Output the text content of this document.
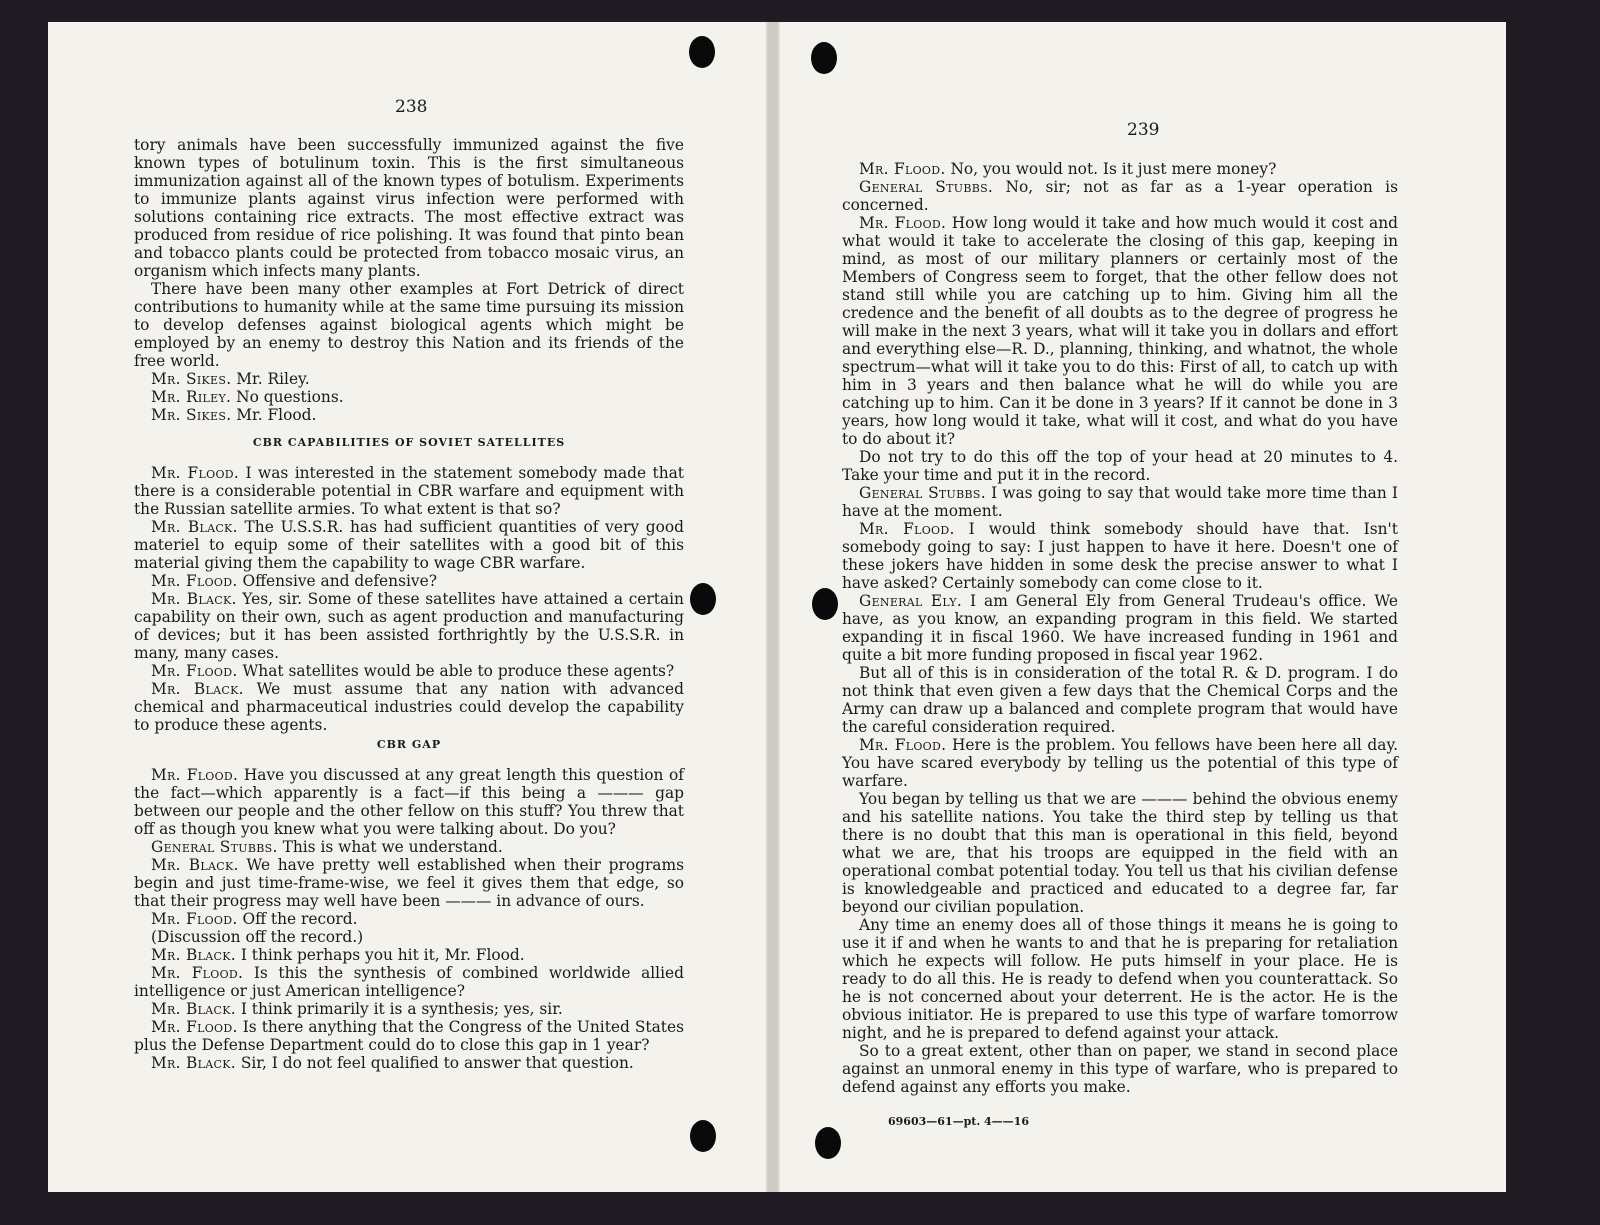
238

tory animals have been successfully immunized against the five known types of botulinum toxin. This is the first simultaneous immunization against all of the known types of botulism. Experiments to immunize plants against virus infection were performed with solutions containing rice extracts. The most effective extract was produced from residue of rice polishing. It was found that pinto bean and tobacco plants could be protected from tobacco mosaic virus, an organism which infects many plants.

There have been many other examples at Fort Detrick of direct contributions to humanity while at the same time pursuing its mission to develop defenses against biological agents which might be employed by an enemy to destroy this Nation and its friends of the free world.

Mr. Sikes. Mr. Riley.

Mr. Riley. No questions.

Mr. Sikes. Mr. Flood.

CBR CAPABILITIES OF SOVIET SATELLITES

Mr. Flood. I was interested in the statement somebody made that there is a considerable potential in CBR warfare and equipment with the Russian satellite armies. To what extent is that so?

Mr. Black. The U.S.S.R. has had sufficient quantities of very good materiel to equip some of their satellites with a good bit of this material giving them the capability to wage CBR warfare.

Mr. Flood. Offensive and defensive?

Mr. Black. Yes, sir. Some of these satellites have attained a certain capability on their own, such as agent production and manufacturing of devices; but it has been assisted forthrightly by the U.S.S.R. in many, many cases.

Mr. Flood. What satellites would be able to produce these agents?

Mr. Black. We must assume that any nation with advanced chemical and pharmaceutical industries could develop the capability to produce these agents.

CBR GAP

Mr. Flood. Have you discussed at any great length this question of the fact—which apparently is a fact—if this being a ——— gap between our people and the other fellow on this stuff? You threw that off as though you knew what you were talking about. Do you?

General Stubbs. This is what we understand.

Mr. Black. We have pretty well established when their programs begin and just time-frame-wise, we feel it gives them that edge, so that their progress may well have been ——— in advance of ours.

Mr. Flood. Off the record.

(Discussion off the record.)

Mr. Black. I think perhaps you hit it, Mr. Flood.

Mr. Flood. Is this the synthesis of combined worldwide allied intelligence or just American intelligence?

Mr. Black. I think primarily it is a synthesis; yes, sir.

Mr. Flood. Is there anything that the Congress of the United States plus the Defense Department could do to close this gap in 1 year?

Mr. Black. Sir, I do not feel qualified to answer that question.

239

Mr. Flood. No, you would not. Is it just mere money?

General Stubbs. No, sir; not as far as a 1-year operation is concerned.

Mr. Flood. How long would it take and how much would it cost and what would it take to accelerate the closing of this gap, keeping in mind, as most of our military planners or certainly most of the Members of Congress seem to forget, that the other fellow does not stand still while you are catching up to him. Giving him all the credence and the benefit of all doubts as to the degree of progress he will make in the next 3 years, what will it take you in dollars and effort and everything else—R. D., planning, thinking, and whatnot, the whole spectrum—what will it take you to do this: First of all, to catch up with him in 3 years and then balance what he will do while you are catching up to him. Can it be done in 3 years? If it cannot be done in 3 years, how long would it take, what will it cost, and what do you have to do about it?

Do not try to do this off the top of your head at 20 minutes to 4. Take your time and put it in the record.

General Stubbs. I was going to say that would take more time than I have at the moment.

Mr. Flood. I would think somebody should have that. Isn't somebody going to say: I just happen to have it here. Doesn't one of these jokers have hidden in some desk the precise answer to what I have asked? Certainly somebody can come close to it.

General Ely. I am General Ely from General Trudeau's office. We have, as you know, an expanding program in this field. We started expanding it in fiscal 1960. We have increased funding in 1961 and quite a bit more funding proposed in fiscal year 1962.

But all of this is in consideration of the total R. & D. program. I do not think that even given a few days that the Chemical Corps and the Army can draw up a balanced and complete program that would have the careful consideration required.

Mr. Flood. Here is the problem. You fellows have been here all day. You have scared everybody by telling us the potential of this type of warfare.

You began by telling us that we are ——— behind the obvious enemy and his satellite nations. You take the third step by telling us that there is no doubt that this man is operational in this field, beyond what we are, that his troops are equipped in the field with an operational combat potential today. You tell us that his civilian defense is knowledgeable and practiced and educated to a degree far, far beyond our civilian population.

Any time an enemy does all of those things it means he is going to use it if and when he wants to and that he is preparing for retaliation which he expects will follow. He puts himself in your place. He is ready to do all this. He is ready to defend when you counterattack. So he is not concerned about your deterrent. He is the actor. He is the obvious initiator. He is prepared to use this type of warfare tomorrow night, and he is prepared to defend against your attack.

So to a great extent, other than on paper, we stand in second place against an unmoral enemy in this type of warfare, who is prepared to defend against any efforts you make.

69603—61—pt. 4——16
